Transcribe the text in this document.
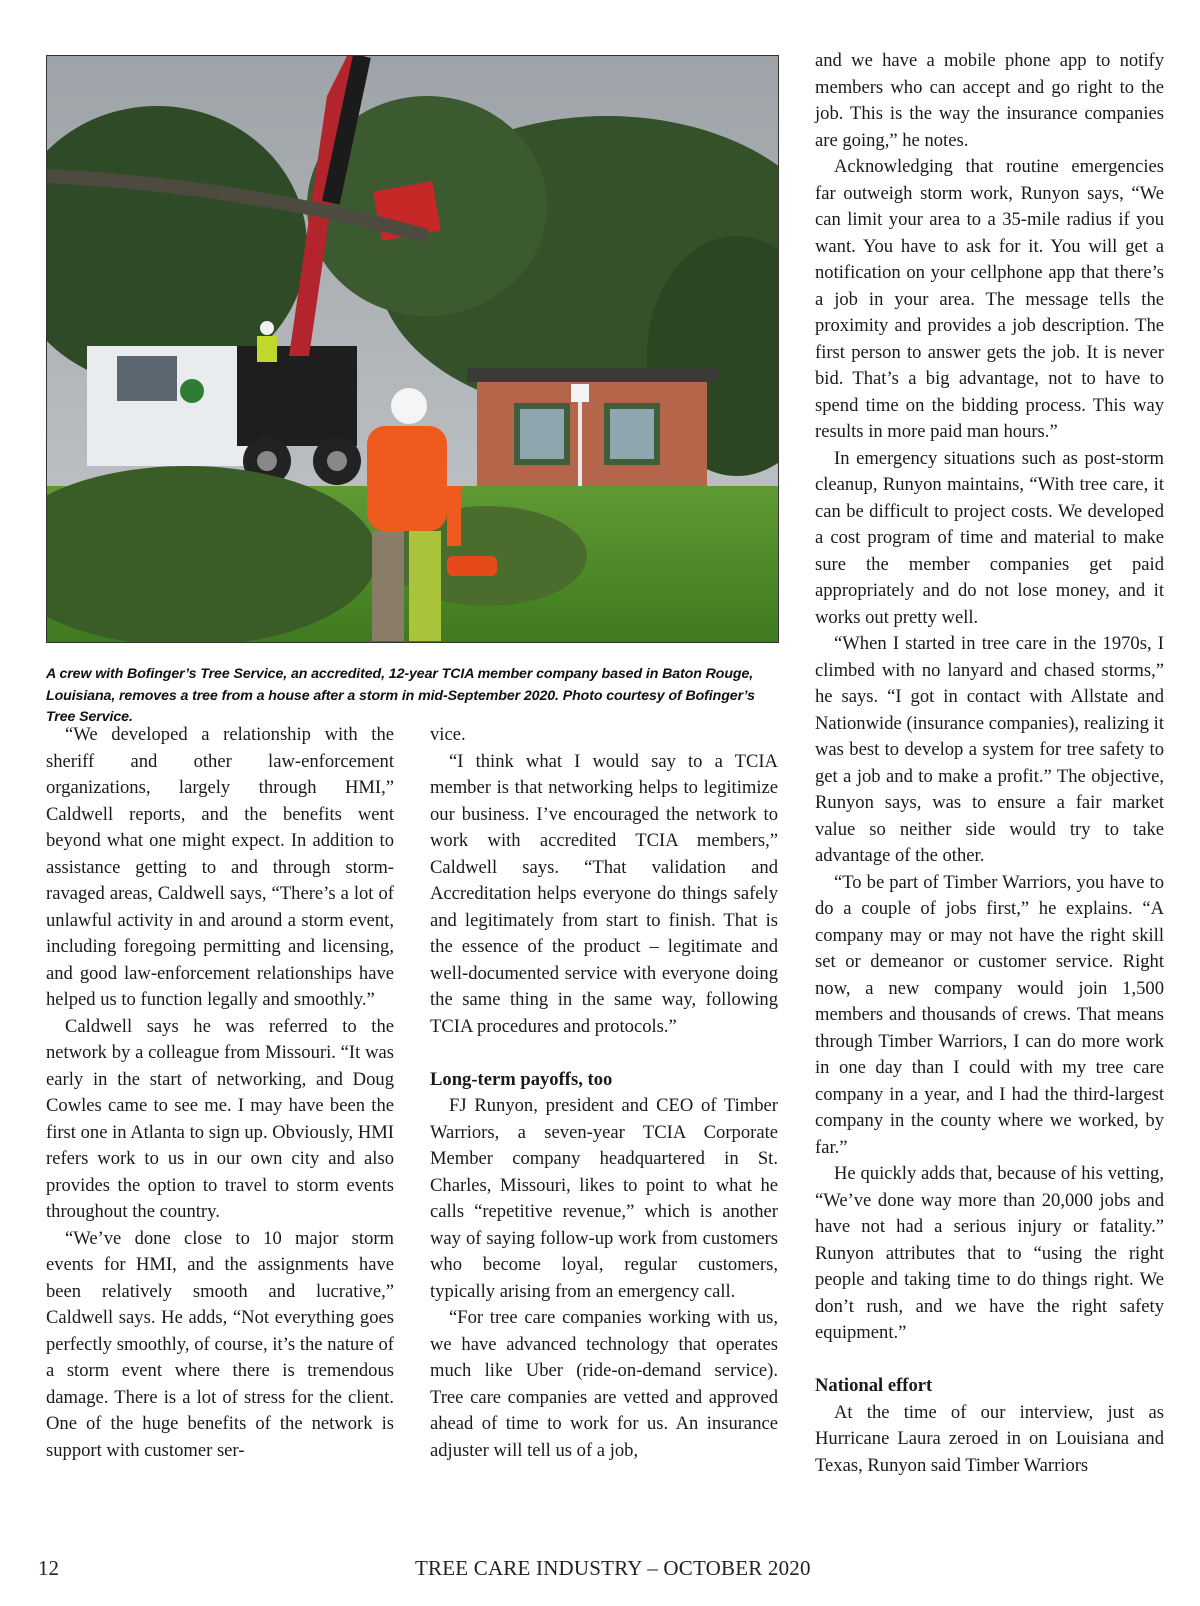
A crew with Bofinger’s Tree Service, an accredited, 12-year TCIA member company based in Baton Rouge, Louisiana, removes a tree from a house after a storm in mid-September 2020. Photo courtesy of Bofinger’s Tree Service.

“We developed a relationship with the sheriff and other law-enforcement organizations, largely through HMI,” Caldwell reports, and the benefits went beyond what one might expect. In addition to assistance getting to and through storm-ravaged areas, Caldwell says, “There’s a lot of unlawful activity in and around a storm event, including foregoing permitting and licensing, and good law-enforcement relationships have helped us to function legally and smoothly.”

Caldwell says he was referred to the network by a colleague from Missouri. “It was early in the start of networking, and Doug Cowles came to see me. I may have been the first one in Atlanta to sign up. Obviously, HMI refers work to us in our own city and also provides the option to travel to storm events throughout the country.

“We’ve done close to 10 major storm events for HMI, and the assignments have been relatively smooth and lucrative,” Caldwell says. He adds, “Not everything goes perfectly smoothly, of course, it’s the nature of a storm event where there is tremendous damage. There is a lot of stress for the client. One of the huge benefits of the network is support with customer ser-

vice.

“I think what I would say to a TCIA member is that networking helps to legitimize our business. I’ve encouraged the network to work with accredited TCIA members,” Caldwell says. “That validation and Accreditation helps everyone do things safely and legitimately from start to finish. That is the essence of the product – legitimate and well-documented service with everyone doing the same thing in the same way, following TCIA procedures and protocols.”

Long-term payoffs, too

FJ Runyon, president and CEO of Timber Warriors, a seven-year TCIA Corporate Member company headquartered in St. Charles, Missouri, likes to point to what he calls “repetitive revenue,” which is another way of saying follow-up work from customers who become loyal, regular customers, typically arising from an emergency call.

“For tree care companies working with us, we have advanced technology that operates much like Uber (ride-on-demand service). Tree care companies are vetted and approved ahead of time to work for us. An insurance adjuster will tell us of a job,

and we have a mobile phone app to notify members who can accept and go right to the job. This is the way the insurance companies are going,” he notes.

Acknowledging that routine emergencies far outweigh storm work, Runyon says, “We can limit your area to a 35-mile radius if you want. You have to ask for it. You will get a notification on your cellphone app that there’s a job in your area. The message tells the proximity and provides a job description. The first person to answer gets the job. It is never bid. That’s a big advantage, not to have to spend time on the bidding process. This way results in more paid man hours.”

In emergency situations such as post-storm cleanup, Runyon maintains, “With tree care, it can be difficult to project costs. We developed a cost program of time and material to make sure the member companies get paid appropriately and do not lose money, and it works out pretty well.

“When I started in tree care in the 1970s, I climbed with no lanyard and chased storms,” he says. “I got in contact with Allstate and Nationwide (insurance companies), realizing it was best to develop a system for tree safety to get a job and to make a profit.” The objective, Runyon says, was to ensure a fair market value so neither side would try to take advantage of the other.

“To be part of Timber Warriors, you have to do a couple of jobs first,” he explains. “A company may or may not have the right skill set or demeanor or customer service. Right now, a new company would join 1,500 members and thousands of crews. That means through Timber Warriors, I can do more work in one day than I could with my tree care company in a year, and I had the third-largest company in the county where we worked, by far.”

He quickly adds that, because of his vetting, “We’ve done way more than 20,000 jobs and have not had a serious injury or fatality.” Runyon attributes that to “using the right people and taking time to do things right. We don’t rush, and we have the right safety equipment.”

National effort

At the time of our interview, just as Hurricane Laura zeroed in on Louisiana and Texas, Runyon said Timber Warriors

12	TREE CARE INDUSTRY – OCTOBER 2020
